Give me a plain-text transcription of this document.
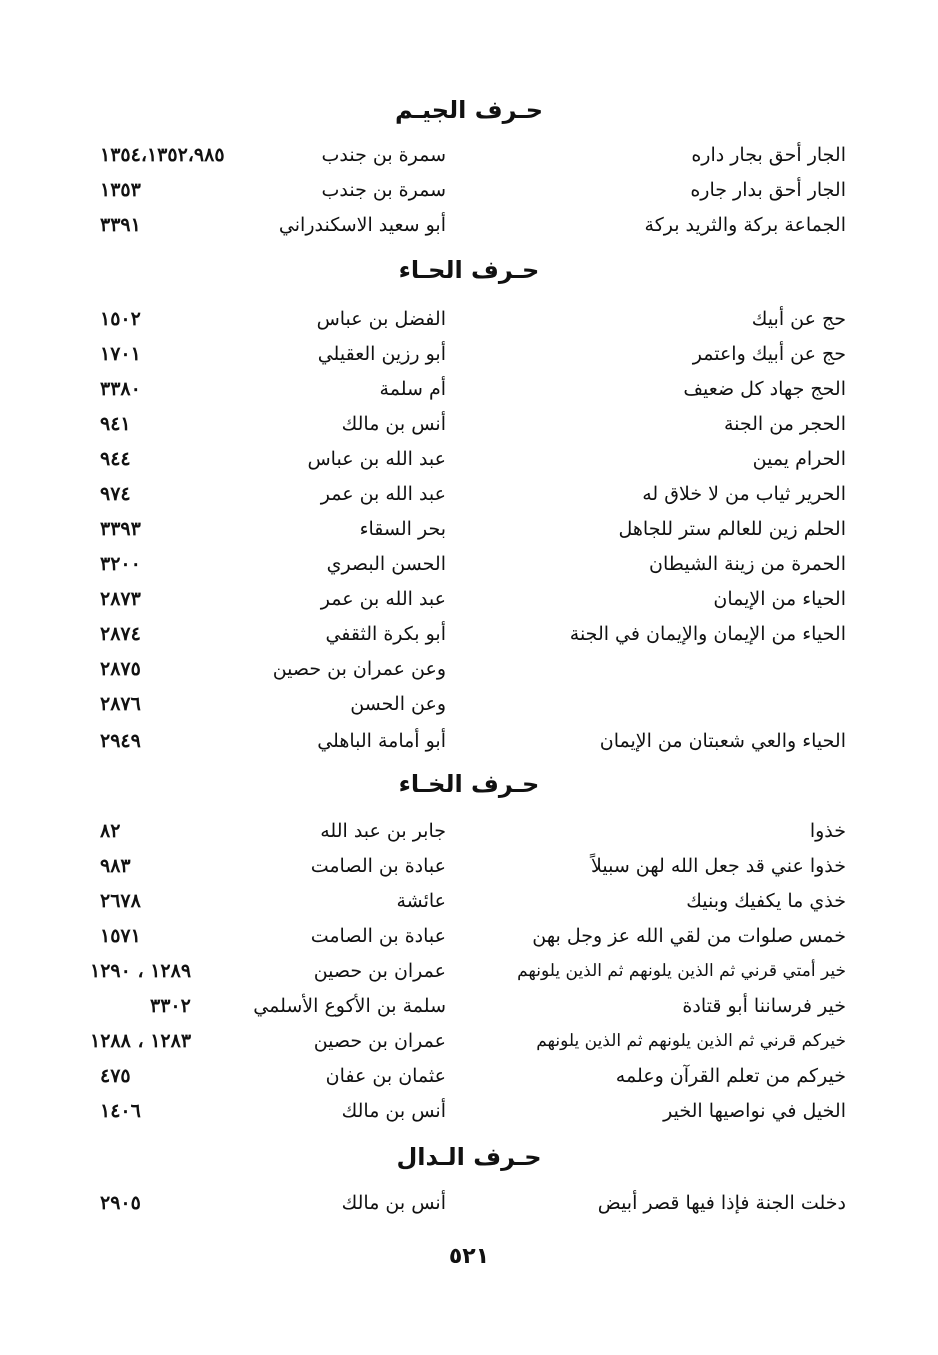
حـرف الجيـم
الجار أحق بجار داره
سمرة بن جندب
١٣٥٤،١٣٥٢،٩٨٥
الجار أحق بدار جاره
سمرة بن جندب
١٣٥٣
الجماعة بركة والثريد بركة
أبو سعيد الاسكندراني
٣٣٩١
حـرف الحـاء
حج عن أبيك
الفضل بن عباس
١٥٠٢
حج عن أبيك واعتمر
أبو رزين العقيلي
١٧٠١
الحج جهاد كل ضعيف
أم سلمة
٣٣٨٠
الحجر من الجنة
أنس بن مالك
٩٤١
الحرام يمين
عبد الله بن عباس
٩٤٤
الحرير ثياب من لا خلاق له
عبد الله بن عمر
٩٧٤
الحلم زين للعالم ستر للجاهل
بحر السقاء
٣٣٩٣
الحمرة من زينة الشيطان
الحسن البصري
٣٢٠٠
الحياء من الإيمان
عبد الله بن عمر
٢٨٧٣
الحياء من الإيمان والإيمان في الجنة
أبو بكرة الثقفي
٢٨٧٤
وعن عمران بن حصين
٢٨٧٥
وعن الحسن
٢٨٧٦
الحياء والعي شعبتان من الإيمان
أبو أمامة الباهلي
٢٩٤٩
حـرف الخـاء
خذوا
جابر بن عبد الله
٨٢
خذوا عني قد جعل الله لهن سبيلاً
عبادة بن الصامت
٩٨٣
خذي ما يكفيك وبنيك
عائشة
٢٦٧٨
خمس صلوات من لقي الله عز وجل بهن
عبادة بن الصامت
١٥٧١
خير أمتي قرني ثم الذين يلونهم ثم الذين يلونهم
عمران بن حصين
١٢٨٩ ، ١٢٩٠
خير فرساننا أبو قتادة
سلمة بن الأكوع الأسلمي
٣٣٠٢
خيركم قرني ثم الذين يلونهم ثم الذين يلونهم
عمران بن حصين
١٢٨٣ ، ١٢٨٨
خيركم من تعلم القرآن وعلمه
عثمان بن عفان
٤٧٥
الخيل في نواصيها الخير
أنس بن مالك
١٤٠٦
حـرف الـدال
دخلت الجنة فإذا فيها قصر أبيض
أنس بن مالك
٢٩٠٥
٥٢١
